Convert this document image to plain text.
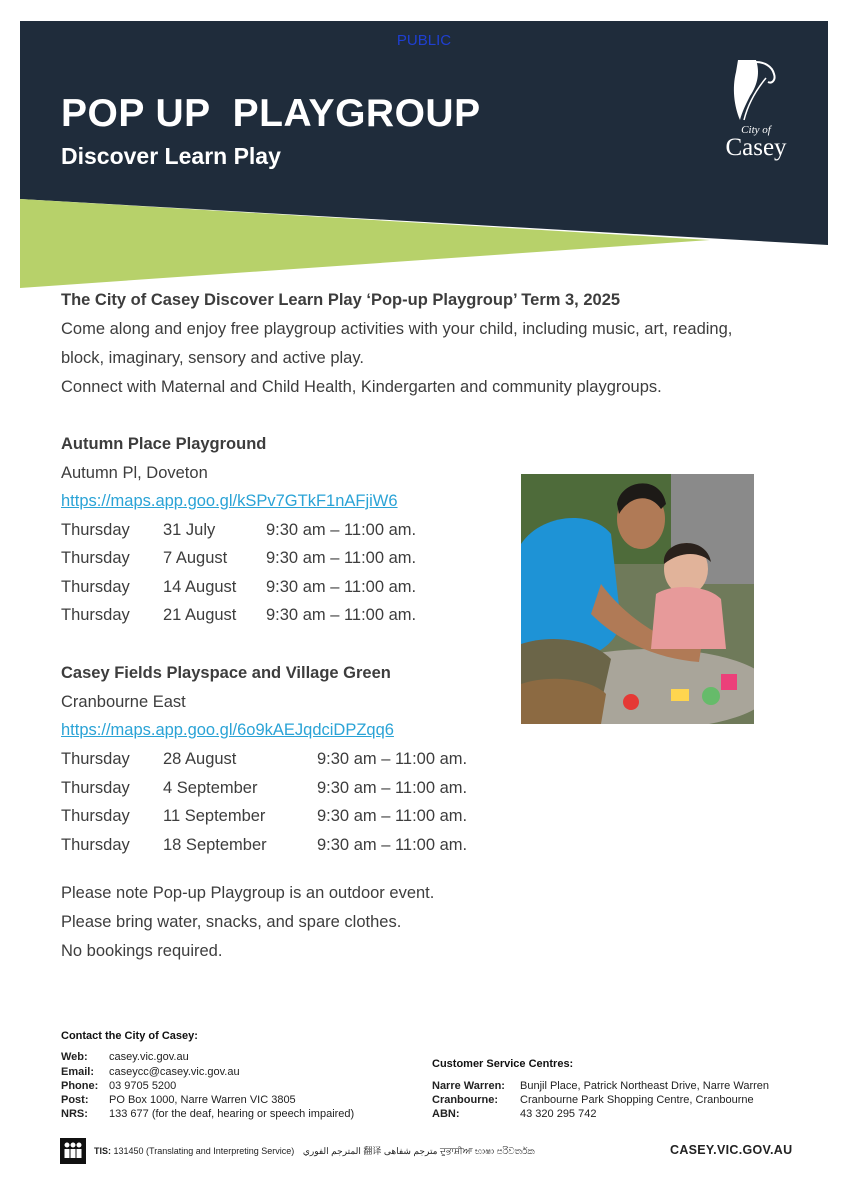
PUBLIC
POP UP  PLAYGROUP
Discover Learn Play
City of
Casey
The City of Casey Discover Learn Play ‘Pop-up Playgroup’ Term 3, 2025
Come along and enjoy free playgroup activities with your child, including music, art, reading,
block, imaginary, sensory and active play.
Connect with Maternal and Child Health, Kindergarten and community playgroups.
Autumn Place Playground
Autumn Pl, Doveton
https://maps.app.goo.gl/kSPv7GTkF1nAFjiW6
Thursday 31 July	9:30 am – 11:00 am.
Thursday 7 August 9:30 am – 11:00 am.
Thursday 14 August 9:30 am – 11:00 am.
Thursday 21 August 9:30 am – 11:00 am.
Casey Fields Playspace and Village Green
Cranbourne East
https://maps.app.goo.gl/6o9kAEJqdciDPZqq6
Thursday 28 August	9:30 am – 11:00 am.
Thursday 4 September	9:30 am – 11:00 am.
Thursday 11 September	9:30 am – 11:00 am.
Thursday 18 September	9:30 am – 11:00 am.
Please note Pop-up Playgroup is an outdoor event.
Please bring water, snacks, and spare clothes.
No bookings required.
Contact the City of Casey:
Web: casey.vic.gov.au
Email: caseycc@casey.vic.gov.au
Phone: 03 9705 5200
Post: PO Box 1000, Narre Warren VIC 3805
NRS: 133 677 (for the deaf, hearing or speech impaired)
Customer Service Centres:
Narre Warren: Bunjil Place, Patrick Northeast Drive, Narre Warren
Cranbourne: Cranbourne Park Shopping Centre, Cranbourne
ABN:	43 320 295 742
TIS: 131450 (Translating and Interpreting Service) المترجم الفوري 翻译 مترجم شفاهی ਦੁਭਾਸ਼ੀਆ භාෂා පරිවර්තක	CASEY.VIC.GOV.AU
